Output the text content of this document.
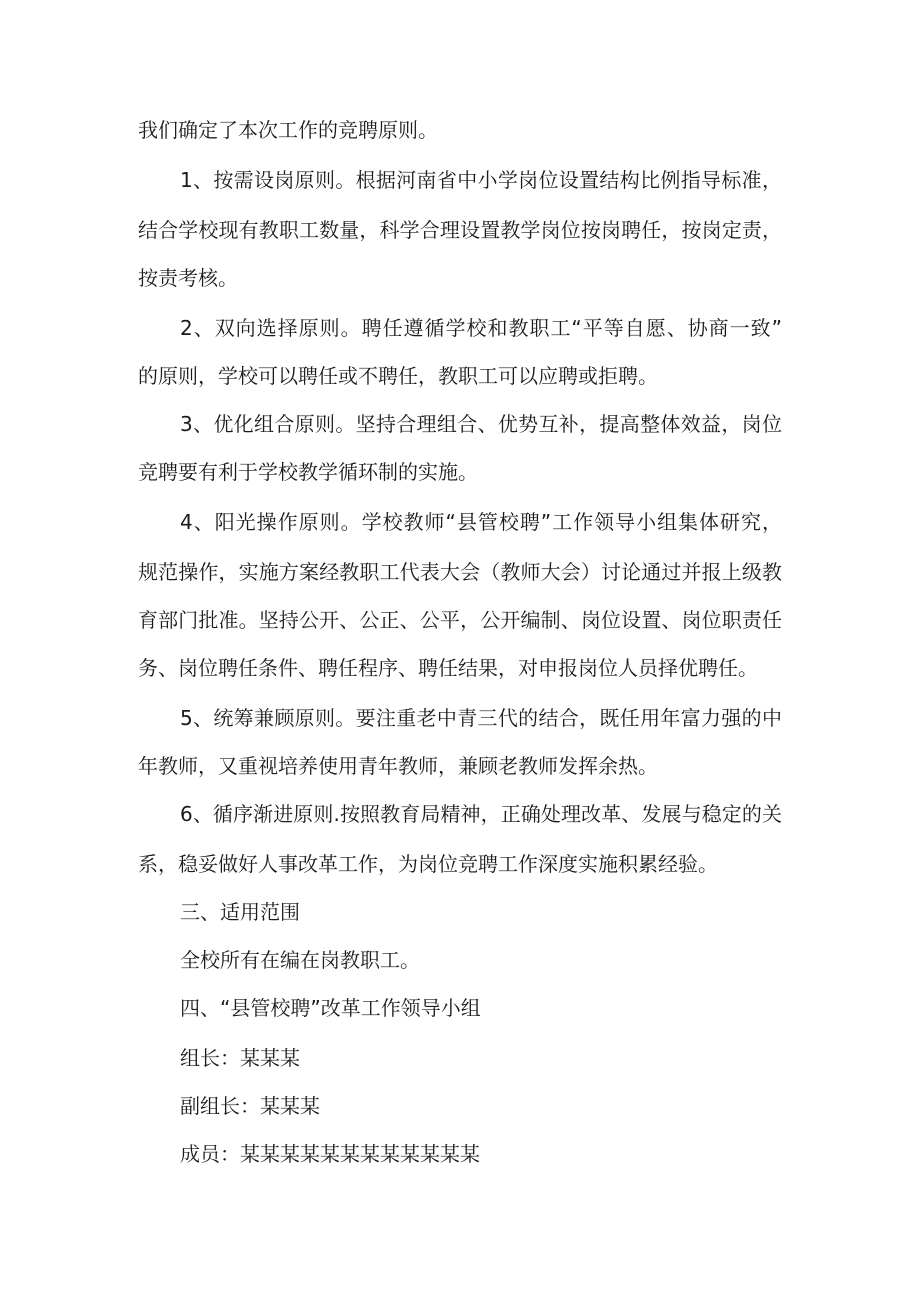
我们确定了本次工作的竞聘原则。
1、按需设岗原则。根据河南省中小学岗位设置结构比例指导标准，
结合学校现有教职工数量，科学合理设置教学岗位按岗聘任，按岗定责，
按责考核。
2、双向选择原则。聘任遵循学校和教职工“平等自愿、协商一致”
的原则，学校可以聘任或不聘任，教职工可以应聘或拒聘。
3、优化组合原则。坚持合理组合、优势互补，提高整体效益，岗位
竞聘要有利于学校教学循环制的实施。
4、阳光操作原则。学校教师“县管校聘”工作领导小组集体研究，
规范操作，实施方案经教职工代表大会（教师大会）讨论通过并报上级教
育部门批准。坚持公开、公正、公平，公开编制、岗位设置、岗位职责任
务、岗位聘任条件、聘任程序、聘任结果，对申报岗位人员择优聘任。
5、统筹兼顾原则。要注重老中青三代的结合，既任用年富力强的中
年教师，又重视培养使用青年教师，兼顾老教师发挥余热。
6、循序渐进原则.按照教育局精神，正确处理改革、发展与稳定的关
系，稳妥做好人事改革工作，为岗位竞聘工作深度实施积累经验。
三、适用范围
全校所有在编在岗教职工。
四、“县管校聘”改革工作领导小组
组长：某某某
副组长：某某某
成员：某某某某某某某某某某某某
